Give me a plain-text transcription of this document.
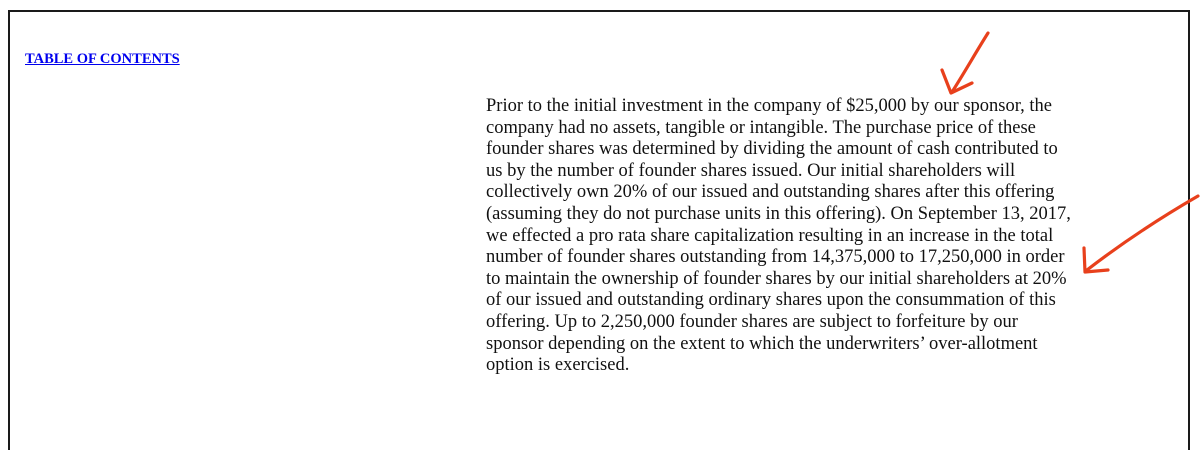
TABLE OF CONTENTS

Prior to the initial investment in the company of $25,000 by our sponsor, the
company had no assets, tangible or intangible. The purchase price of these
founder shares was determined by dividing the amount of cash contributed to
us by the number of founder shares issued. Our initial shareholders will
collectively own 20% of our issued and outstanding shares after this offering
(assuming they do not purchase units in this offering). On September 13, 2017,
we effected a pro rata share capitalization resulting in an increase in the total
number of founder shares outstanding from 14,375,000 to 17,250,000 in order
to maintain the ownership of founder shares by our initial shareholders at 20%
of our issued and outstanding ordinary shares upon the consummation of this
offering. Up to 2,250,000 founder shares are subject to forfeiture by our
sponsor depending on the extent to which the underwriters’ over-allotment
option is exercised.
